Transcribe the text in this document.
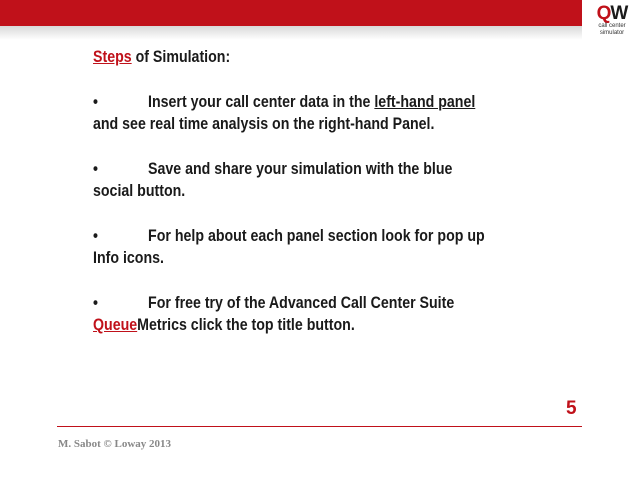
QW
call center
simulator

Steps of Simulation:

•	Insert your call center data in the left-hand panel and see real time analysis on the right-hand Panel.

•	Save and share your simulation with the blue social button.

•	For help about each panel section look for pop up Info icons.

•	For free try of the Advanced Call Center Suite QueueMetrics click the top title button.

5
M. Sabot © Loway 2013
